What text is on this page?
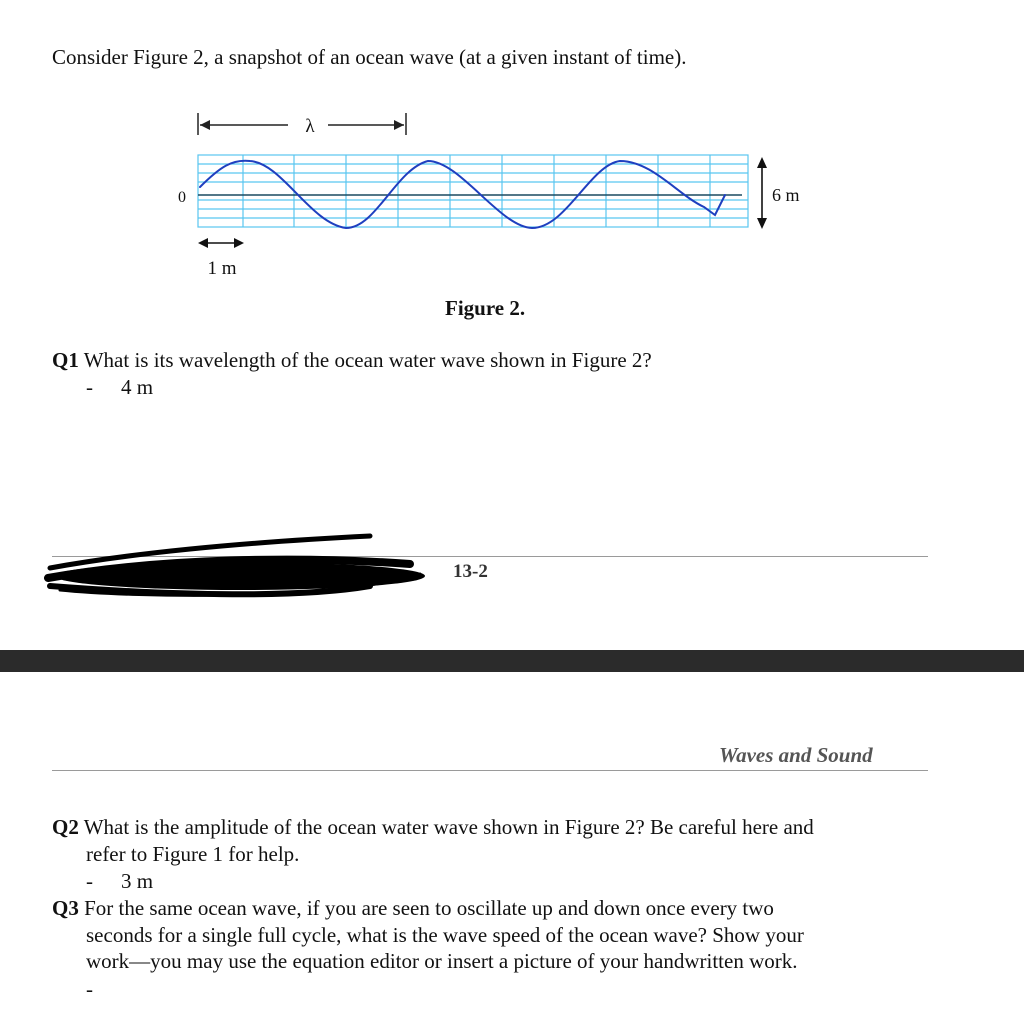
Consider Figure 2, a snapshot of an ocean wave (at a given instant of time).
λ
0	6 m
1 m
Figure 2.
Q1 What is its wavelength of the ocean water wave shown in Figure 2?
- 4 m
13-2
Waves and Sound
Q2 What is the amplitude of the ocean water wave shown in Figure 2? Be careful here and
refer to Figure 1 for help.
- 3 m
Q3 For the same ocean wave, if you are seen to oscillate up and down once every two
seconds for a single full cycle, what is the wave speed of the ocean wave? Show your
work—you may use the equation editor or insert a picture of your handwritten work.
-
